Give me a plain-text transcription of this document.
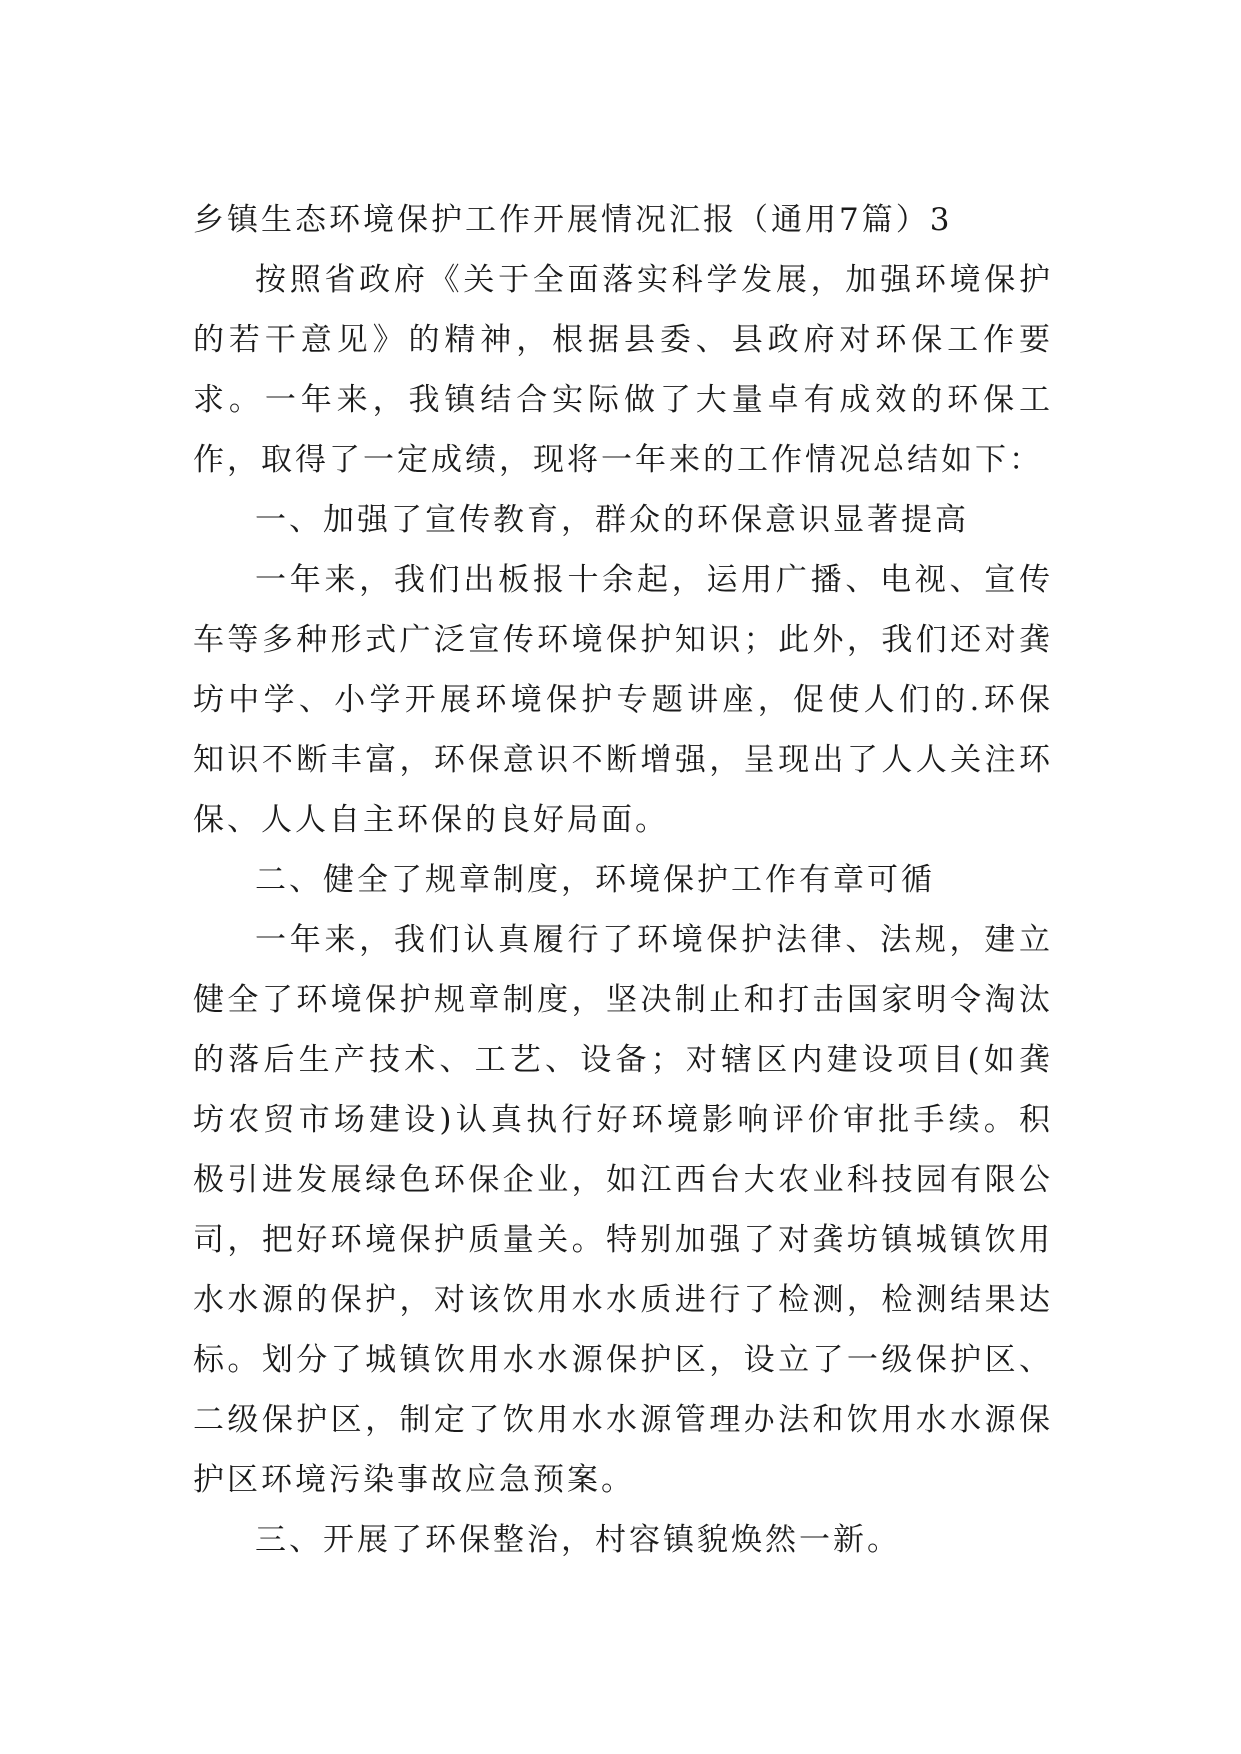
乡镇生态环境保护工作开展情况汇报（通用7篇）3

按照省政府《关于全面落实科学发展，加强环境保护的若干意见》的精神，根据县委、县政府对环保工作要求。一年来，我镇结合实际做了大量卓有成效的环保工作，取得了一定成绩，现将一年来的工作情况总结如下：

一、加强了宣传教育，群众的环保意识显著提高

一年来，我们出板报十余起，运用广播、电视、宣传车等多种形式广泛宣传环境保护知识；此外，我们还对龚坊中学、小学开展环境保护专题讲座，促使人们的.环保知识不断丰富，环保意识不断增强，呈现出了人人关注环保、人人自主环保的良好局面。

二、健全了规章制度，环境保护工作有章可循

一年来，我们认真履行了环境保护法律、法规，建立健全了环境保护规章制度，坚决制止和打击国家明令淘汰的落后生产技术、工艺、设备；对辖区内建设项目(如龚坊农贸市场建设)认真执行好环境影响评价审批手续。积极引进发展绿色环保企业，如江西台大农业科技园有限公司，把好环境保护质量关。特别加强了对龚坊镇城镇饮用水水源的保护，对该饮用水水质进行了检测，检测结果达标。划分了城镇饮用水水源保护区，设立了一级保护区、二级保护区，制定了饮用水水源管理办法和饮用水水源保护区环境污染事故应急预案。

三、开展了环保整治，村容镇貌焕然一新。
